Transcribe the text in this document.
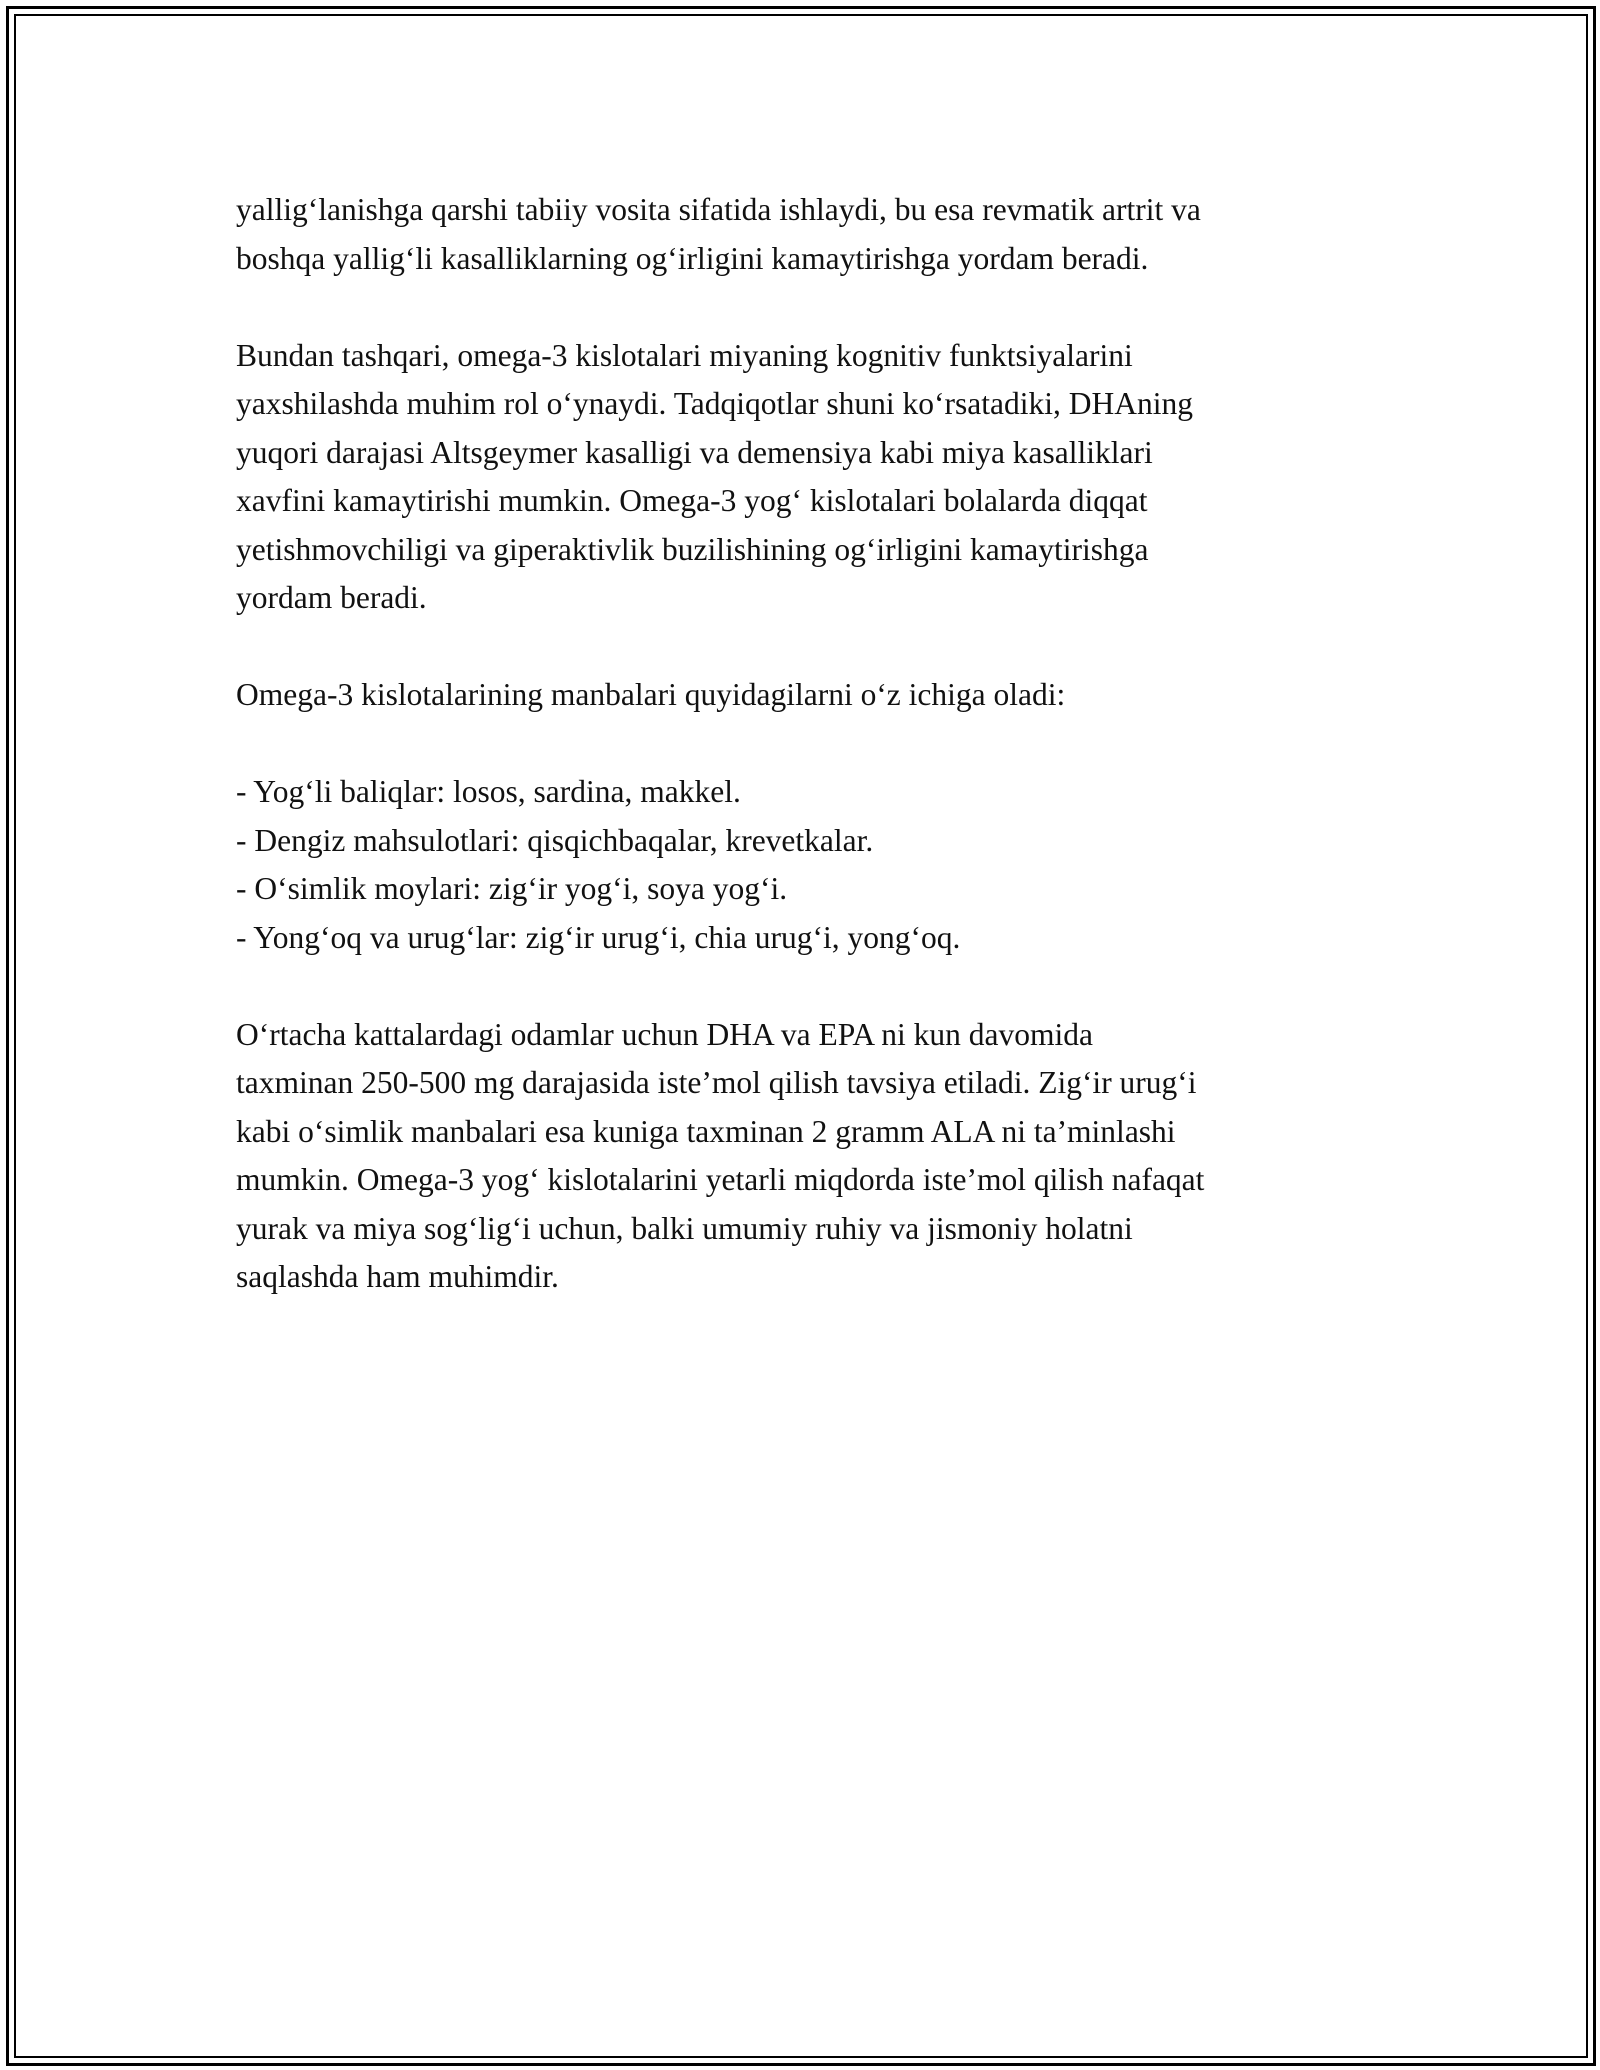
yallig‘lanishga qarshi tabiiy vosita sifatida ishlaydi, bu esa revmatik artrit va
boshqa yallig‘li kasalliklarning og‘irligini kamaytirishga yordam beradi.

Bundan tashqari, omega-3 kislotalari miyaning kognitiv funktsiyalarini
yaxshilashda muhim rol o‘ynaydi. Tadqiqotlar shuni ko‘rsatadiki, DHAning
yuqori darajasi Altsgeymer kasalligi va demensiya kabi miya kasalliklari
xavfini kamaytirishi mumkin. Omega-3 yog‘ kislotalari bolalarda diqqat
yetishmovchiligi va giperaktivlik buzilishining og‘irligini kamaytirishga
yordam beradi.

Omega-3 kislotalarining manbalari quyidagilarni o‘z ichiga oladi:

- Yog‘li baliqlar: losos, sardina, makkel.
- Dengiz mahsulotlari: qisqichbaqalar, krevetkalar.
- O‘simlik moylari: zig‘ir yog‘i, soya yog‘i.
- Yong‘oq va urug‘lar: zig‘ir urug‘i, chia urug‘i, yong‘oq.

O‘rtacha kattalardagi odamlar uchun DHA va EPA ni kun davomida
taxminan 250-500 mg darajasida iste’mol qilish tavsiya etiladi. Zig‘ir urug‘i
kabi o‘simlik manbalari esa kuniga taxminan 2 gramm ALA ni ta’minlashi
mumkin. Omega-3 yog‘ kislotalarini yetarli miqdorda iste’mol qilish nafaqat
yurak va miya sog‘lig‘i uchun, balki umumiy ruhiy va jismoniy holatni
saqlashda ham muhimdir.
